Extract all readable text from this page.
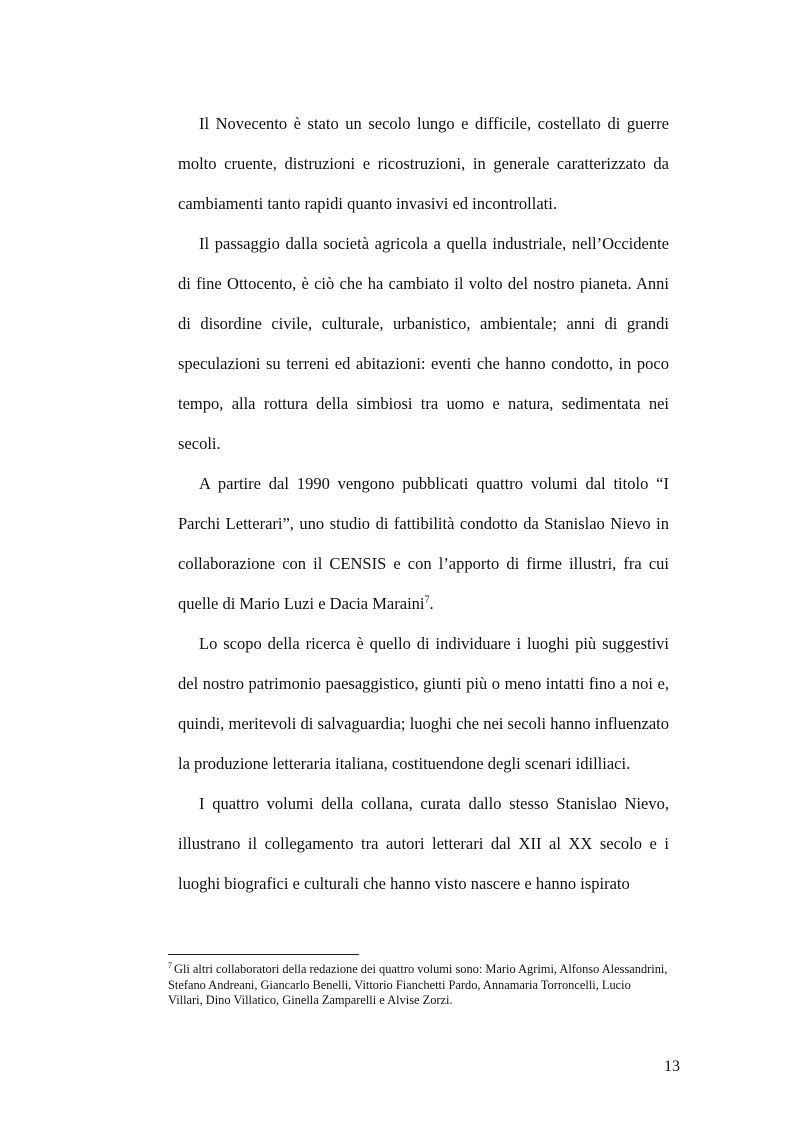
Il Novecento è stato un secolo lungo e difficile, costellato di guerre molto cruente, distruzioni e ricostruzioni, in generale caratterizzato da cambiamenti tanto rapidi quanto invasivi ed incontrollati.

Il passaggio dalla società agricola a quella industriale, nell’Occidente di fine Ottocento, è ciò che ha cambiato il volto del nostro pianeta. Anni di disordine civile, culturale, urbanistico, ambientale; anni di grandi speculazioni su terreni ed abitazioni: eventi che hanno condotto, in poco tempo, alla rottura della simbiosi tra uomo e natura, sedimentata nei secoli.

A partire dal 1990 vengono pubblicati quattro volumi dal titolo “I Parchi Letterari”, uno studio di fattibilità condotto da Stanislao Nievo in collaborazione con il CENSIS e con l’apporto di firme illustri, fra cui quelle di Mario Luzi e Dacia Maraini$^7$.

Lo scopo della ricerca è quello di individuare i luoghi più suggestivi del nostro patrimonio paesaggistico, giunti più o meno intatti fino a noi e, quindi, meritevoli di salvaguardia; luoghi che nei secoli hanno influenzato la produzione letteraria italiana, costituendone degli scenari idilliaci.

I quattro volumi della collana, curata dallo stesso Stanislao Nievo, illustrano il collegamento tra autori letterari dal XII al XX secolo e i luoghi biografici e culturali che hanno visto nascere e hanno ispirato

$^7$ Gli altri collaboratori della redazione dei quattro volumi sono: Mario Agrimi, Alfonso Alessandrini, Stefano Andreani, Giancarlo Benelli, Vittorio Fianchetti Pardo, Annamaria Torroncelli, Lucio Villari, Dino Villatico, Ginella Zamparelli e Alvise Zorzi.

13
